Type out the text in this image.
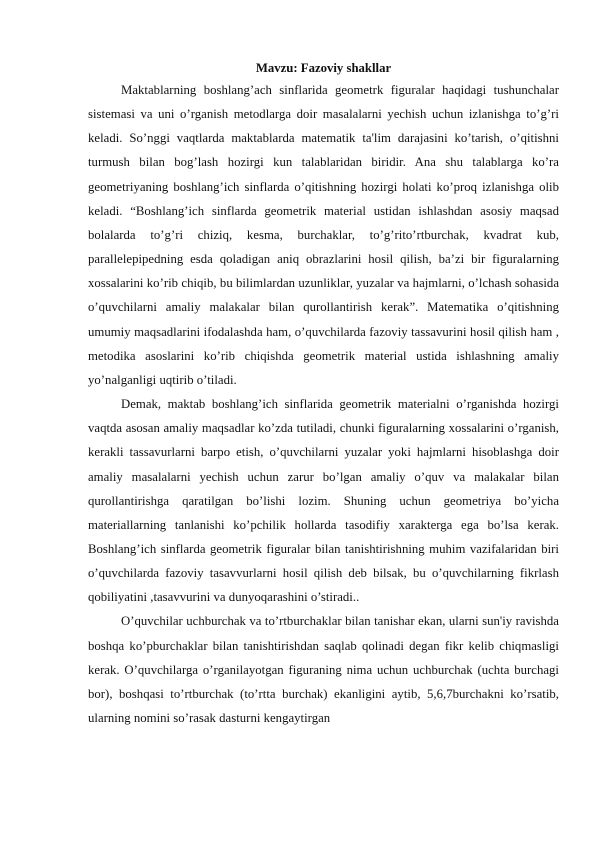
Mavzu: Fazoviy shakllar

Maktablarning boshlang’ach sinflarida geometrk figuralar haqidagi tushunchalar sistemasi va uni o’rganish metodlarga doir masalalarni yechish uchun izlanishga to’g’ri keladi. So’nggi vaqtlarda maktablarda matematik ta'lim darajasini ko’tarish, o’qitishni turmush bilan bog’lash hozirgi kun talablaridan biridir. Ana shu talablarga ko’ra geometriyaning boshlang’ich sinflarda o’qitishning hozirgi holati ko’proq izlanishga olib keladi. “Boshlang’ich sinflarda geometrik material ustidan ishlashdan asosiy maqsad bolalarda to’g’ri chiziq, kesma, burchaklar, to’g’rito’rtburchak, kvadrat kub, parallelepipedning esda qoladigan aniq obrazlarini hosil qilish, ba’zi bir figuralarning xossalarini ko’rib chiqib, bu bilimlardan uzunliklar, yuzalar va hajmlarni, o’lchash sohasida o’quvchilarni amaliy malakalar bilan qurollantirish kerak”. Matematika o’qitishning umumiy maqsadlarini ifodalashda ham, o’quvchilarda fazoviy tassavurini hosil qilish ham , metodika asoslarini ko’rib chiqishda geometrik material ustida ishlashning amaliy yo’nalganligi uqtirib o’tiladi.

Demak, maktab boshlang’ich sinflarida geometrik materialni o’rganishda hozirgi vaqtda asosan amaliy maqsadlar ko’zda tutiladi, chunki figuralarning xossalarini o’rganish, kerakli tassavurlarni barpo etish, o’quvchilarni yuzalar yoki hajmlarni hisoblashga doir amaliy masalalarni yechish uchun zarur bo’lgan amaliy o’quv va malakalar bilan qurollantirishga qaratilgan bo’lishi lozim. Shuning uchun geometriya bo’yicha materiallarning tanlanishi ko’pchilik hollarda tasodifiy xarakterga ega bo’lsa kerak. Boshlang’ich sinflarda geometrik figuralar bilan tanishtirishning muhim vazifalaridan biri o’quvchilarda fazoviy tasavvurlarni hosil qilish deb bilsak, bu o’quvchilarning fikrlash qobiliyatini ,tasavvurini va dunyoqarashini o’stiradi..

O’quvchilar uchburchak va to’rtburchaklar bilan tanishar ekan, ularni sun'iy ravishda boshqa ko’pburchaklar bilan tanishtirishdan saqlab qolinadi degan fikr kelib chiqmasligi kerak. O’quvchilarga o’rganilayotgan figuraning nima uchun uchburchak (uchta burchagi bor), boshqasi to’rtburchak (to’rtta burchak) ekanligini aytib, 5,6,7burchakni ko’rsatib, ularning nomini so’rasak dasturni kengaytirgan
